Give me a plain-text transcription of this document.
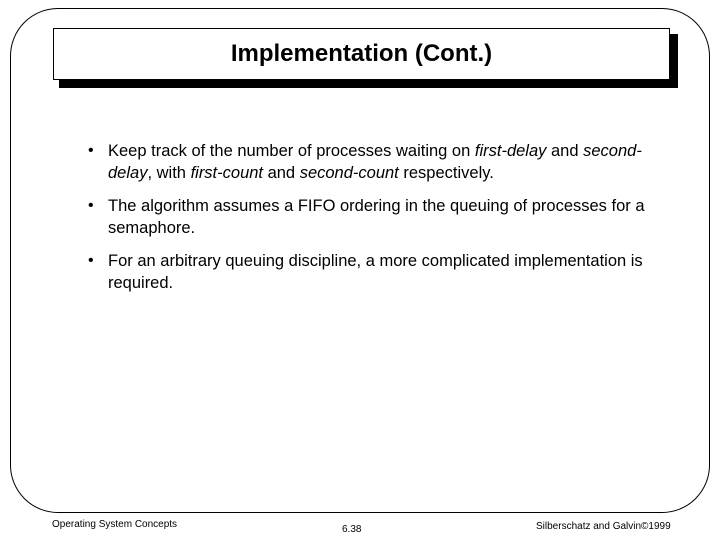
Implementation (Cont.)
• Keep track of the number of processes waiting on first-delay and second-delay, with first-count and second-count respectively.
• The algorithm assumes a FIFO ordering in the queuing of processes for a semaphore.
• For an arbitrary queuing discipline, a more complicated implementation is required.
Operating System Concepts	6.38	Silberschatz and Galvin©1999
